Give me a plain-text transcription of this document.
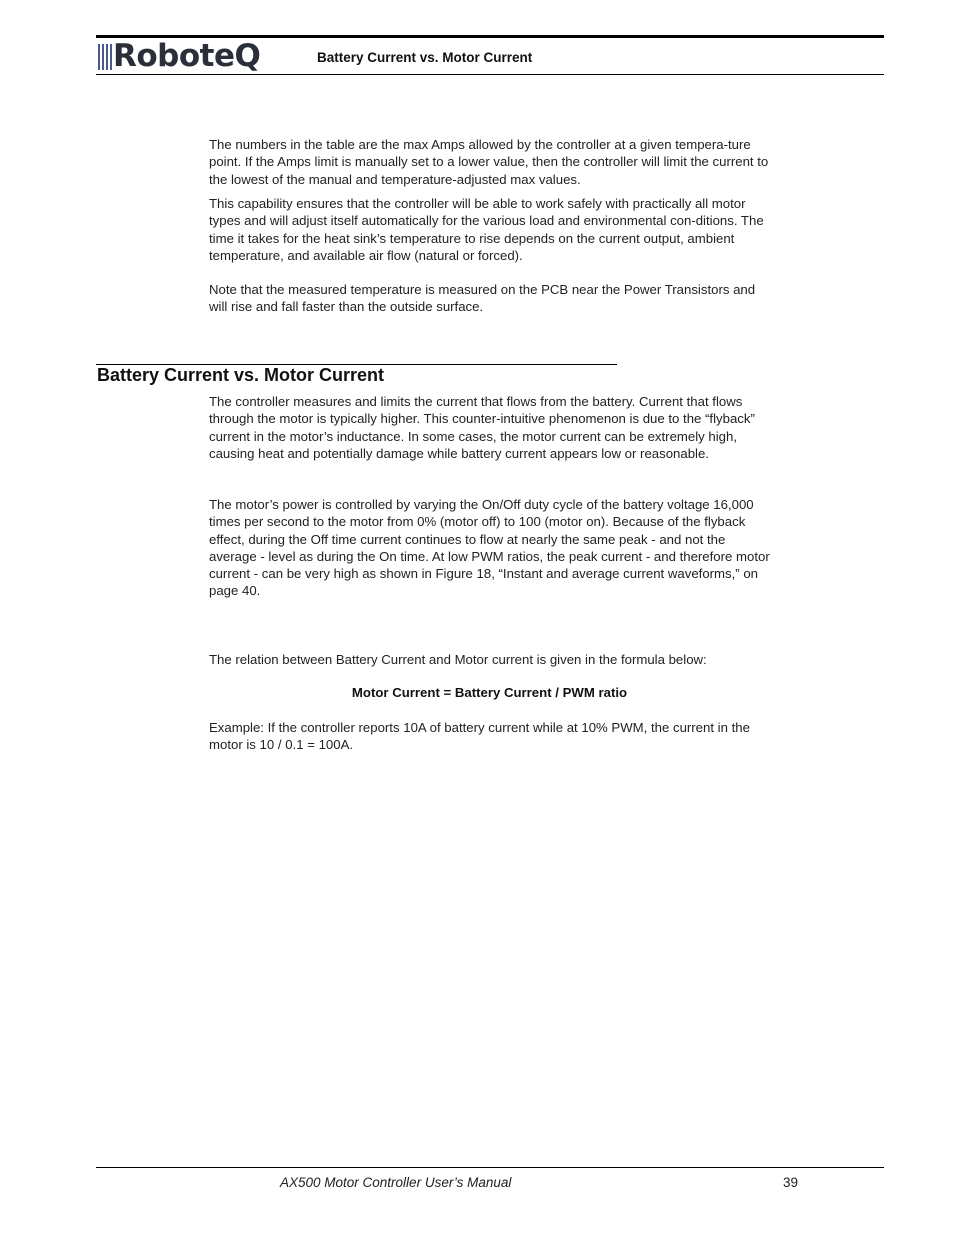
RoboteQ	Battery Current vs. Motor Current

The numbers in the table are the max Amps allowed by the controller at a given tempera-ture point. If the Amps limit is manually set to a lower value, then the controller will limit the current to the lowest of the manual and temperature-adjusted max values.

This capability ensures that the controller will be able to work safely with practically all motor types and will adjust itself automatically for the various load and environmental con-ditions. The time it takes for the heat sink’s temperature to rise depends on the current output, ambient temperature, and available air flow (natural or forced).

Note that the measured temperature is measured on the PCB near the Power Transistors and will rise and fall faster than the outside surface.

Battery Current vs. Motor Current

The controller measures and limits the current that flows from the battery. Current that flows through the motor is typically higher. This counter-intuitive phenomenon is due to the “flyback” current in the motor’s inductance. In some cases, the motor current can be extremely high, causing heat and potentially damage while battery current appears low or reasonable.

The motor’s power is controlled by varying the On/Off duty cycle of the battery voltage 16,000 times per second to the motor from 0% (motor off) to 100 (motor on). Because of the flyback effect, during the Off time current continues to flow at nearly the same peak - and not the average - level as during the On time. At low PWM ratios, the peak current - and therefore motor current - can be very high as shown in Figure 18, “Instant and average current waveforms,” on page 40.

The relation between Battery Current and Motor current is given in the formula below:

Motor Current = Battery Current / PWM ratio

Example: If the controller reports 10A of battery current while at 10% PWM, the current in the motor is 10 / 0.1 = 100A.

AX500 Motor Controller User’s Manual	39
